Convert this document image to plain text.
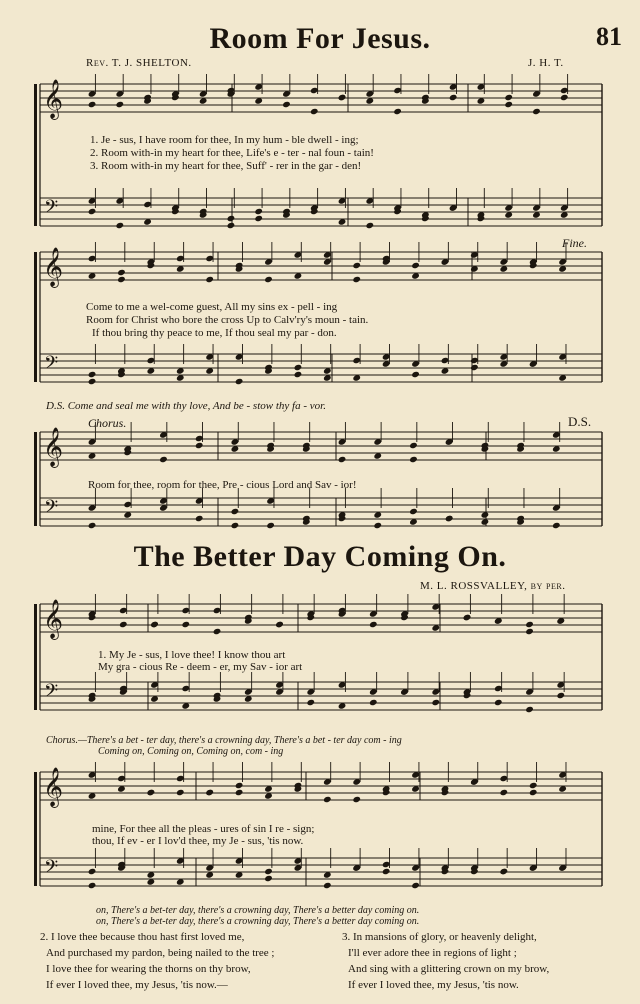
𝄞
𝄢
𝄞
𝄢
𝄞
𝄢
𝄞
𝄢
𝄞
𝄢
81
Room For Jesus.
Rev. T. J. SHELTON.	J. H. T.
1. Je - sus, I have room for thee, In my hum - ble dwell - ing;
2. Room with-in my heart for thee, Life's e - ter - nal foun - tain!
3. Room with-in my heart for thee, Suff' - rer in the gar - den!
Fine.
Come to me a wel-come guest, All my sins ex - pell - ing
Room for Christ who bore the cross Up to Calv'ry's moun - tain.
If thou bring thy peace to me, If thou seal my par - don.
D.S. Come and seal me with thy love, And be - stow thy fa - vor.
Chorus.	D.S.
Room for thee, room for thee, Pre - cious Lord and Sav - ior!
The Better Day Coming On.
M. L. ROSSVALLEY, by per.
1. My Je - sus, I love thee! I know thou art
My gra - cious Re - deem - er, my Sav - ior art
Chorus.—There's a bet - ter day, there's a crowning day, There's a bet - ter day com - ing
Coming on, Coming on, Coming on, com - ing
mine, For thee all the pleas - ures of sin I re - sign;
thou, If ev - er I lov'd thee, my Je - sus, 'tis now.
on, There's a bet-ter day, there's a crowning day, There's a better day coming on.
on, There's a bet-ter day, there's a crowning day, There's a better day coming on.
2. I love thee because thou hast first loved me,
And purchased my pardon, being nailed to the tree ;
I love thee for wearing the thorns on thy brow,
If ever I loved thee, my Jesus, 'tis now.—
3. In mansions of glory, or heavenly delight,
I'll ever adore thee in regions of light ;
And sing with a glittering crown on my brow,
If ever I loved thee, my Jesus, 'tis now.
